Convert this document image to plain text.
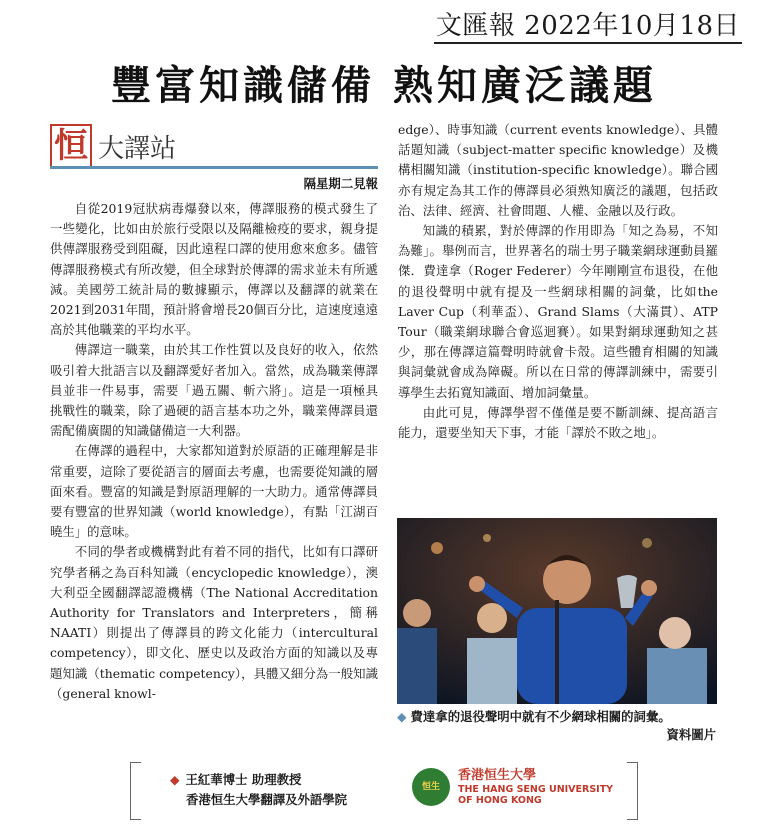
文匯報 2022年10月18日
豐富知識儲備 熟知廣泛議題
恒 大譯站
隔星期二見報

自從2019冠狀病毒爆發以來，傳譯服務的模式發生了一些變化，比如由於旅行受限以及隔離檢疫的要求，親身提供傳譯服務受到阻礙，因此遠程口譯的使用愈來愈多。儘管傳譯服務模式有所改變，但全球對於傳譯的需求並未有所遞減。美國勞工統計局的數據顯示，傳譯以及翻譯的就業在2021到2031年間，預計將會增長20個百分比，這速度遠遠高於其他職業的平均水平。

傳譯這一職業，由於其工作性質以及良好的收入，依然吸引着大批語言以及翻譯愛好者加入。當然，成為職業傳譯員並非一件易事，需要「過五關、斬六將」。這是一項極具挑戰性的職業，除了過硬的語言基本功之外，職業傳譯員還需配備廣闊的知識儲備這一大利器。

在傳譯的過程中，大家都知道對於原語的正確理解是非常重要，這除了要從語言的層面去考慮，也需要從知識的層面來看。豐富的知識是對原語理解的一大助力。通常傳譯員要有豐富的世界知識（world knowledge），有點「江湖百曉生」的意味。

不同的學者或機構對此有着不同的指代，比如有口譯研究學者稱之為百科知識（encyclopedic knowledge），澳大利亞全國翻譯認證機構（The National Accreditation Authority for Translators and Interpreters，簡稱NAATI）則提出了傳譯員的跨文化能力（intercultural competency），即文化、歷史以及政治方面的知識以及專題知識（thematic competency），具體又細分為一般知識（general knowl-

edge）、時事知識（current events knowledge）、具體話題知識（subject-matter specific knowledge）及機構相關知識（institution-specific knowledge）。聯合國亦有規定為其工作的傳譯員必須熟知廣泛的議題，包括政治、法律、經濟、社會問題、人權、金融以及行政。

知識的積累，對於傳譯的作用即為「知之為易，不知為難」。舉例而言，世界著名的瑞士男子職業網球運動員羅傑．費達拿（Roger Federer）今年剛剛宣布退役，在他的退役聲明中就有提及一些網球相關的詞彙，比如the Laver Cup（利華盃）、Grand Slams（大滿貫）、ATP Tour（職業網球聯合會巡迴賽）。如果對網球運動知之甚少，那在傳譯這篇聲明時就會卡殼。這些體育相關的知識與詞彙就會成為障礙。所以在日常的傳譯訓練中，需要引導學生去拓寬知識面、增加詞彙量。

由此可見，傳譯學習不僅僅是要不斷訓練、提高語言能力，還要坐知天下事，才能「譯於不敗之地」。

◆ 費達拿的退役聲明中就有不少網球相關的詞彙。
資料圖片
◆ 王紅華博士 助理教授
香港恒生大學翻譯及外語學院
恒生
香港恒生大學
THE HANG SENG UNIVERSITY
OF HONG KONG
